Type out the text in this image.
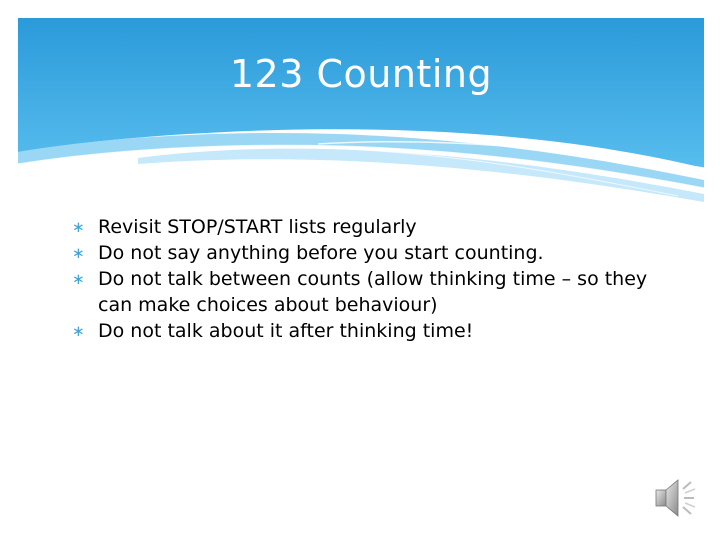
123 Counting
∗ Revisit STOP/START lists regularly
∗ Do not say anything before you start counting.
∗ Do not talk between counts (allow thinking time – so they can make choices about behaviour)
∗ Do not talk about it after thinking time!
